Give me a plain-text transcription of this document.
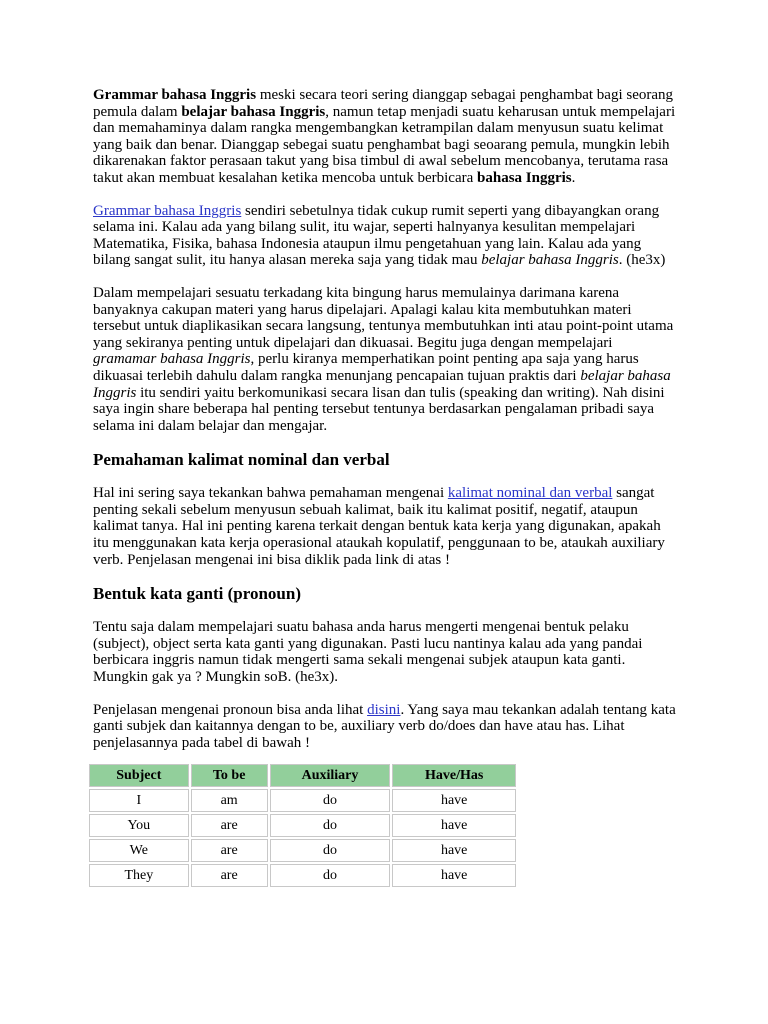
Grammar bahasa Inggris meski secara teori sering dianggap sebagai penghambat bagi seorang pemula dalam belajar bahasa Inggris, namun tetap menjadi suatu keharusan untuk mempelajari dan memahaminya dalam rangka mengembangkan ketrampilan dalam menyusun suatu kelimat yang baik dan benar. Dianggap sebegai suatu penghambat bagi seoarang pemula, mungkin lebih dikarenakan faktor perasaan takut yang bisa timbul di awal sebelum mencobanya, terutama rasa takut akan membuat kesalahan ketika mencoba untuk berbicara bahasa Inggris.

Grammar bahasa Inggris sendiri sebetulnya tidak cukup rumit seperti yang dibayangkan orang selama ini. Kalau ada yang bilang sulit, itu wajar, seperti halnyanya kesulitan mempelajari Matematika, Fisika, bahasa Indonesia ataupun ilmu pengetahuan yang lain. Kalau ada yang bilang sangat sulit, itu hanya alasan mereka saja yang tidak mau belajar bahasa Inggris. (he3x)

Dalam mempelajari sesuatu terkadang kita bingung harus memulainya darimana karena banyaknya cakupan materi yang harus dipelajari. Apalagi kalau kita membutuhkan materi tersebut untuk diaplikasikan secara langsung, tentunya membutuhkan inti atau point-point utama yang sekiranya penting untuk dipelajari dan dikuasai. Begitu juga dengan mempelajari gramamar bahasa Inggris, perlu kiranya memperhatikan point penting apa saja yang harus dikuasai terlebih dahulu dalam rangka menunjang pencapaian tujuan praktis dari belajar bahasa Inggris itu sendiri yaitu berkomunikasi secara lisan dan tulis (speaking dan writing). Nah disini saya ingin share beberapa hal penting tersebut tentunya berdasarkan pengalaman pribadi saya selama ini dalam belajar dan mengajar.

Pemahaman kalimat nominal dan verbal

Hal ini sering saya tekankan bahwa pemahaman mengenai kalimat nominal dan verbal sangat penting sekali sebelum menyusun sebuah kalimat, baik itu kalimat positif, negatif, ataupun kalimat tanya. Hal ini penting karena terkait dengan bentuk kata kerja yang digunakan, apakah itu menggunakan kata kerja operasional ataukah kopulatif, penggunaan to be, ataukah auxiliary verb. Penjelasan mengenai ini bisa diklik pada link di atas !

Bentuk kata ganti (pronoun)

Tentu saja dalam mempelajari suatu bahasa anda harus mengerti mengenai bentuk pelaku (subject), object serta kata ganti yang digunakan. Pasti lucu nantinya kalau ada yang pandai berbicara inggris namun tidak mengerti sama sekali mengenai subjek ataupun kata ganti. Mungkin gak ya ? Mungkin soB. (he3x).

Penjelasan mengenai pronoun bisa anda lihat disini. Yang saya mau tekankan adalah tentang kata ganti subjek dan kaitannya dengan to be, auxiliary verb do/does dan have atau has. Lihat penjelasannya pada tabel di bawah !

Subject	To be	Auxiliary	Have/Has
I	am	do	have
You	are	do	have
We	are	do	have
They	are	do	have
